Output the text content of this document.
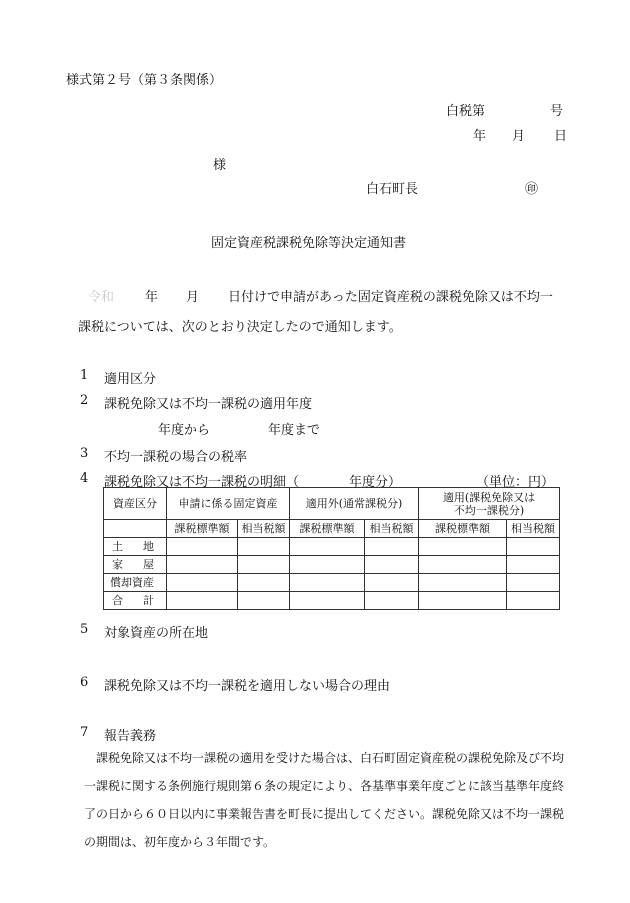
様式第２号（第３条関係）
白税第　　　　　号
年 月 日
様
白石町長	㊞
固定資産税課税免除等決定通知書
令和 年 月 日付けで申請があった固定資産税の課税免除又は不均一
課税については、次のとおり決定したので通知します。
1 適用区分
2 課税免除又は不均一課税の適用年度
年度から	年度まで
3 不均一課税の場合の税率
4 課税免除又は不均一課税の明細（	年度分）	（単位：円）
資産区分	申請に係る固定資産		適用外(通常課税分)		適用(課税免除又は
不均一課税分)	

	課税標準額	相当税額	課税標準額	相当税額	課税標準額	相当税額

土 地						

家 屋						

償却資産						

合 計						

5 対象資産の所在地
6 課税免除又は不均一課税を適用しない場合の理由
7 報告義務
課税免除又は不均一課税の適用を受けた場合は、白石町固定資産税の課税免除及び不均
一課税に関する条例施行規則第６条の規定により、各基準事業年度ごとに該当基準年度終
了の日から６０日以内に事業報告書を町長に提出してください。課税免除又は不均一課税
の期間は、初年度から３年間です。
